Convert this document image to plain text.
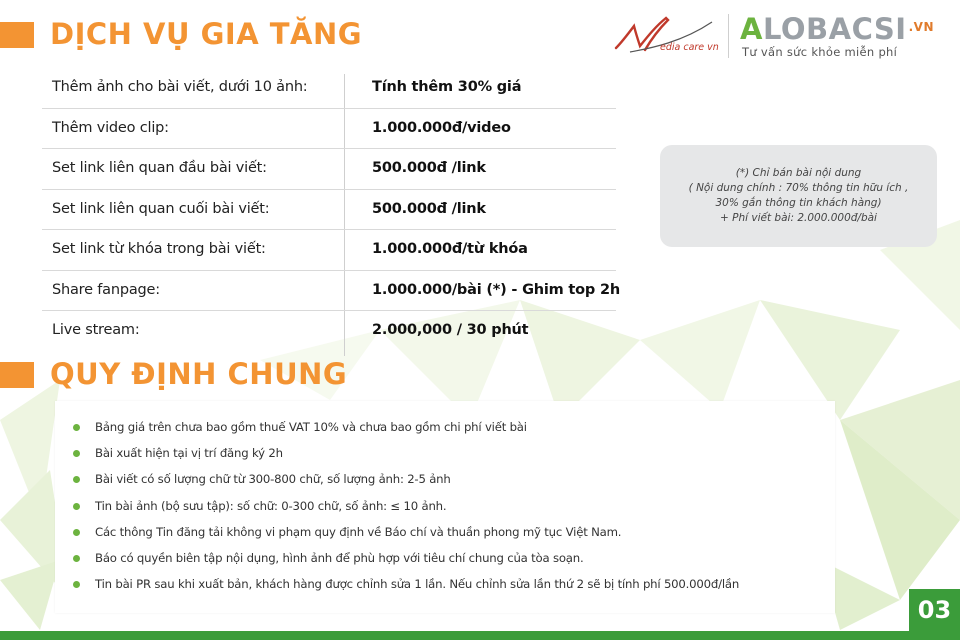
DỊCH VỤ GIA TĂNG	edia care vn
ALOBACSI $^{.VN}$
Tư vấn sức khỏe miễn phí
Thêm ảnh cho bài viết, dưới 10 ảnh:	Tính thêm 30% giá
Thêm video clip:	1.000.000đ/video
Set link liên quan đầu bài viết:	500.000đ /link
Set link liên quan cuối bài viết:	500.000đ /link
Set link từ khóa trong bài viết:	1.000.000đ/từ khóa
Share fanpage:	1.000.000/bài (*) - Ghim top 2h
Live stream:	2.000,000 / 30 phút
(*) Chỉ bán bài nội dung
( Nội dung chính : 70% thông tin hữu ích ,
30% gắn thông tin khách hàng)
+ Phí viết bài: 2.000.000đ/bài
QUY ĐỊNH CHUNG
Bảng giá trên chưa bao gồm thuế VAT 10% và chưa bao gồm chi phí viết bài
Bài xuất hiện tại vị trí đăng ký 2h
Bài viết có số lượng chữ từ 300-800 chữ, số lượng ảnh: 2-5 ảnh
Tin bài ảnh (bộ sưu tập): số chữ: 0-300 chữ, số ảnh: ≤ 10 ảnh.
Các thông Tin đăng tải không vi phạm quy định về Báo chí và thuần phong mỹ tục Việt Nam.
Báo có quyền biên tập nội dụng, hình ảnh để phù hợp với tiêu chí chung của tòa soạn.
Tin bài PR sau khi xuất bản, khách hàng được chỉnh sửa 1 lần. Nếu chỉnh sửa lần thứ 2 sẽ bị tính phí 500.000đ/lần
03
